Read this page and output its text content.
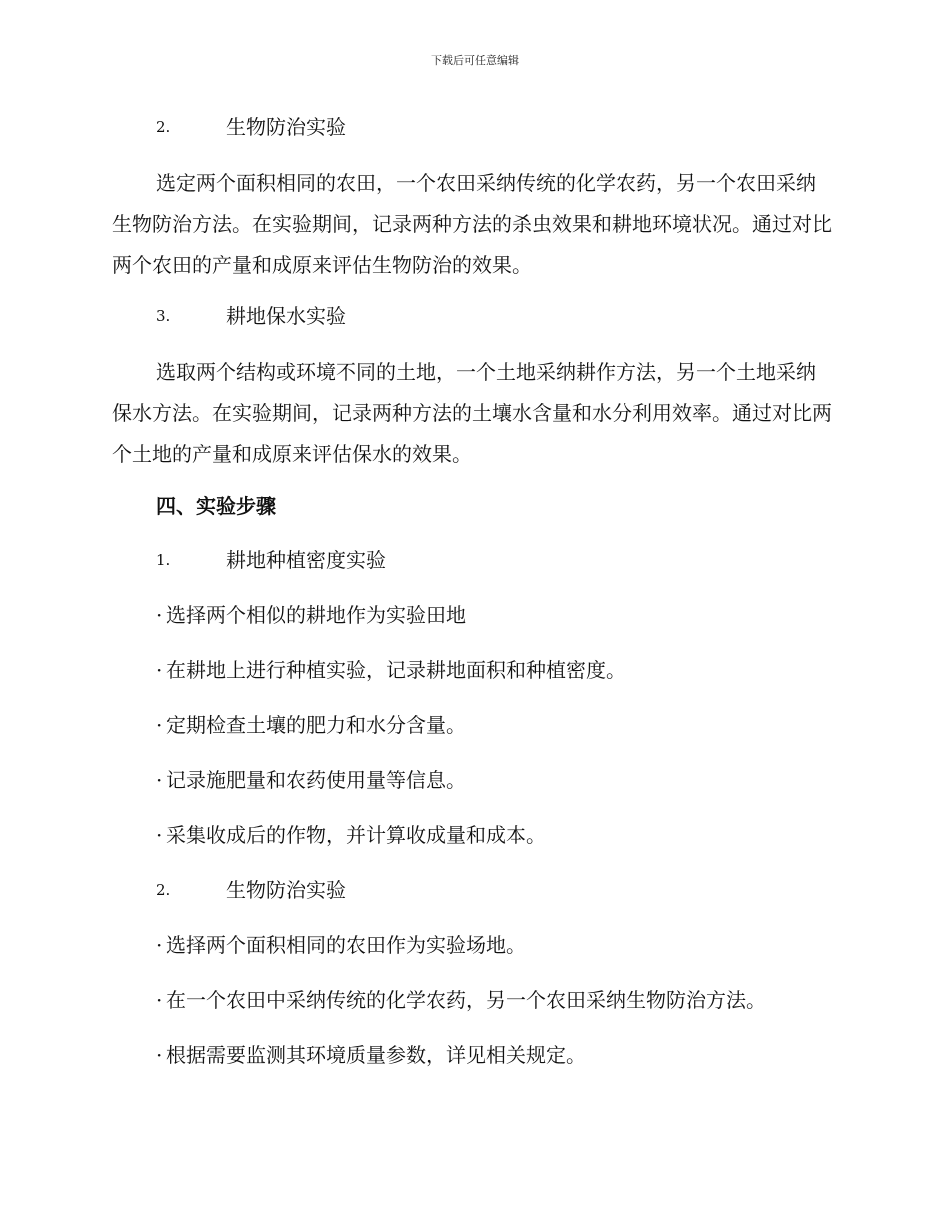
下载后可任意编辑
2.	生物防治实验

选定两个面积相同的农田，一个农田采纳传统的化学农药，另一个农田采纳生物防治方法。在实验期间，记录两种方法的杀虫效果和耕地环境状况。通过对比两个农田的产量和成原来评估生物防治的效果。

3.	耕地保水实验

选取两个结构或环境不同的土地，一个土地采纳耕作方法，另一个土地采纳保水方法。在实验期间，记录两种方法的土壤水含量和水分利用效率。通过对比两个土地的产量和成原来评估保水的效果。

四、实验步骤
1.	耕地种植密度实验
· 选择两个相似的耕地作为实验田地
· 在耕地上进行种植实验，记录耕地面积和种植密度。
· 定期检查土壤的肥力和水分含量。
· 记录施肥量和农药使用量等信息。
· 采集收成后的作物，并计算收成量和成本。
2.	生物防治实验
· 选择两个面积相同的农田作为实验场地。
· 在一个农田中采纳传统的化学农药，另一个农田采纳生物防治方法。
· 根据需要监测其环境质量参数，详见相关规定。
